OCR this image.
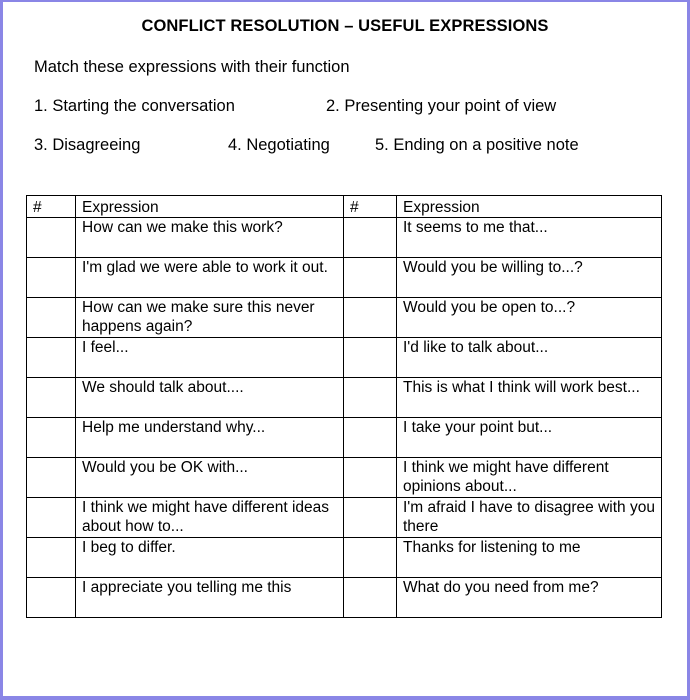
CONFLICT RESOLUTION – USEFUL EXPRESSIONS
Match these expressions with their function
1. Starting the conversation	2. Presenting your point of view
3. Disagreeing	4. Negotiating	5. Ending on a positive note
#	Expression	#	Expression
	How can we make this work?		It seems to me that...
	I'm glad we were able to work it out.		Would you be willing to...?
	How can we make sure this never happens again?		Would you be open to...?
	I feel...		I'd like to talk about...
	We should talk about....		This is what I think will work best...
	Help me understand why...		I take your point but...
	Would you be OK with...		I think we might have different opinions about...
	I think we might have different ideas about how to...		I'm afraid I have to disagree with you there
	I beg to differ.		Thanks for listening to me
	I appreciate you telling me this		What do you need from me?
